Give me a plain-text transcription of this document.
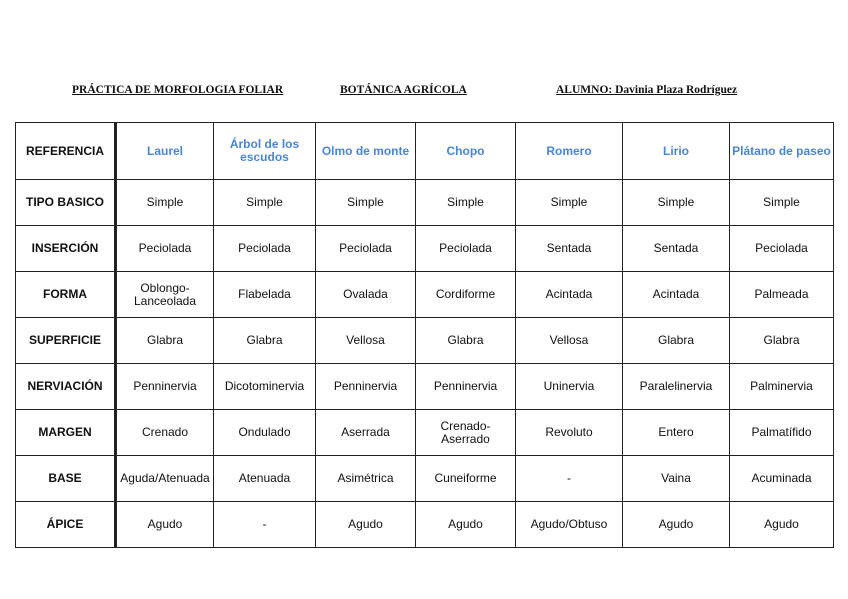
PRÁCTICA DE MORFOLOGIA FOLIAR	BOTÁNICA AGRÍCOLA	ALUMNO: Davinia Plaza Rodríguez
REFERENCIA	Laurel	Árbol de los escudos	Olmo de monte	Chopo	Romero	Lirio	Plátano de paseo
TIPO BASICO	Simple	Simple	Simple	Simple	Simple	Simple	Simple
INSERCIÓN	Peciolada	Peciolada	Peciolada	Peciolada	Sentada	Sentada	Peciolada
FORMA	Oblongo-Lanceolada	Flabelada	Ovalada	Cordiforme	Acintada	Acintada	Palmeada
SUPERFICIE	Glabra	Glabra	Vellosa	Glabra	Vellosa	Glabra	Glabra
NERVIACIÓN	Penninervia	Dicotominervia	Penninervia	Penninervia	Uninervia	Paralelinervia	Palminervia
MARGEN	Crenado	Ondulado	Aserrada	Crenado-Aserrado	Revoluto	Entero	Palmatífido
BASE	Aguda/Atenuada	Atenuada	Asimétrica	Cuneiforme	-	Vaina	Acuminada
ÁPICE	Agudo	-	Agudo	Agudo	Agudo/Obtuso	Agudo	Agudo
